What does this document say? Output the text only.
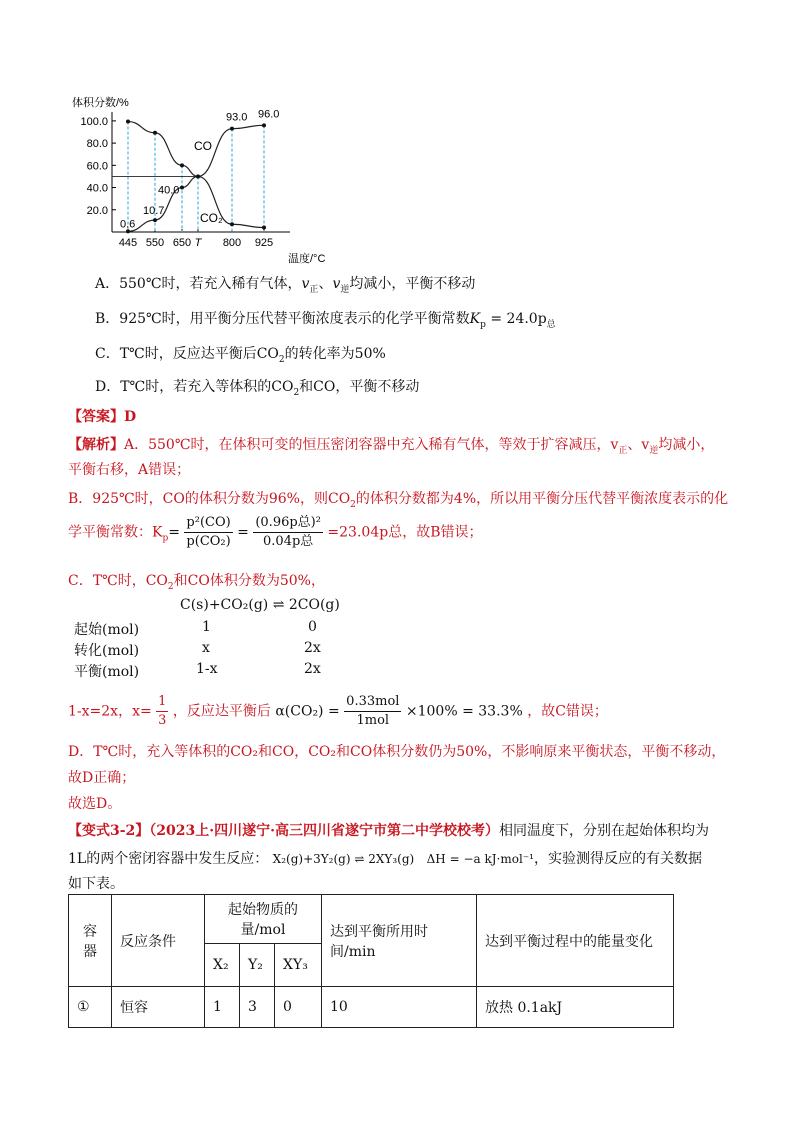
体积分数/%
100.0
80.0
60.0
40.0
20.0
445 550 650 T 800 925
CO
CO₂
0.6
10.7
40.0
93.0 96.0
温度/°C
A．550℃时，若充入稀有气体，$v_正$、$v_逆$均减小，平衡不移动
B．925℃时，用平衡分压代替平衡浓度表示的化学平衡常数$K_p = 24.0p_总$
C．T℃时，反应达平衡后$CO_2$的转化率为50%
D．T℃时，若充入等体积的$CO_2$和CO，平衡不移动
【答案】D
【解析】A．550℃时，在体积可变的恒压密闭容器中充入稀有气体，等效于扩容减压，$v_正$、$v_逆$均减小，
平衡右移，A错误；
B．925℃时，CO的体积分数为96%，则$CO_2$的体积分数都为4%，所以用平衡分压代替平衡浓度表示的化
学平衡常数：$K_p= \frac{\text{p²(CO)}}{\text{p(CO₂)}} = \frac{\text{(0.96p总)²}}{\text{0.04p总}} =23.04p$总，故B错误；
C．T℃时，$CO_2$和CO体积分数为50%，
C(s)+CO₂(g) ⇌ 2CO(g)
起始(mol)	1	0
转化(mol)	x	2x
平衡(mol)	1-x	2x
1-x=2x，$x= \frac{1}{3}$ ，反应达平衡后 $\alpha(CO_2) = \frac{\text{0.33mol}}{\text{1mol}} \times 100\% = 33.3\%$ ，故C错误；
D．T℃时，充入等体积的CO₂和CO，CO₂和CO体积分数仍为50%，不影响原来平衡状态，平衡不移动，
故D正确；
故选D。
【变式3-2】（2023上·四川遂宁·高三四川省遂宁市第二中学校校考）相同温度下，分别在起始体积均为
1L的两个密闭容器中发生反应： X₂(g)+3Y₂(g) ⇌ 2XY₃(g) ΔH = −a kJ·mol⁻¹，实验测得反应的有关数据
如下表。
容器	反应条件	起始物质的量/mol			达到平衡所用时间/min	达到平衡过程中的能量变化
		X₂	Y₂	XY₃		
①	恒容	1	3	0	10	放热 0.1akJ
